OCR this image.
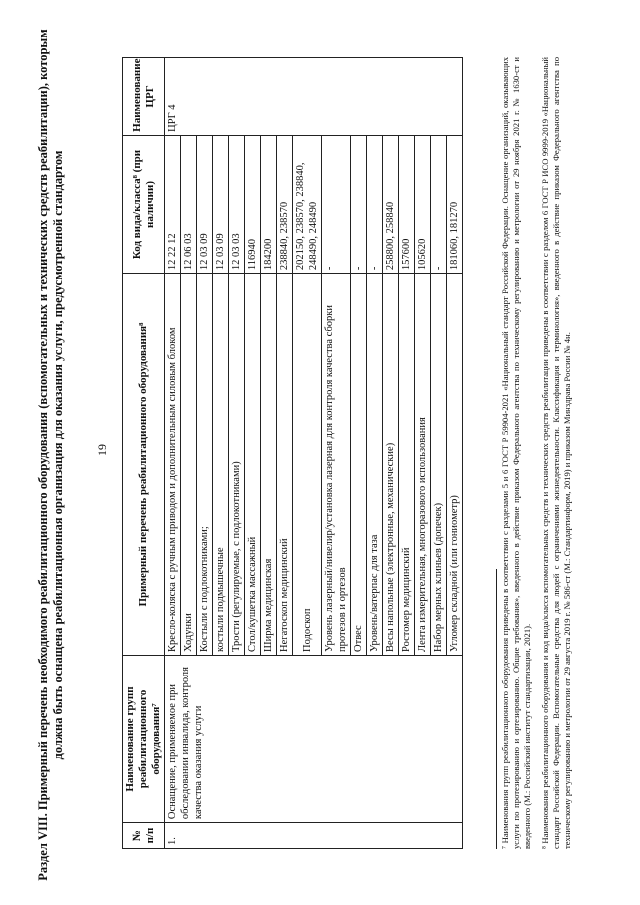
19
Раздел VIII. Примерный перечень необходимого реабилитационного оборудования (вспомогательных и технических средств реабилитации), которым должна быть оснащена реабилитационная организация для оказания услуги, предусмотренной стандартом
№ п/п	Наименование групп реабилитационного оборудования⁷	Примерный перечень реабилитационного оборудования⁸	Код вида/класса⁸ (при наличии)	Наименование ЦРГ
1.	Оснащение, применяемое при обследовании инвалида, контроля качества оказания услуги	Кресло-коляска с ручным приводом и дополнительным силовым блоком	12 22 12	ЦРГ 4
		Ходунки	12 06 03	
		Костыли с подлокотниками;	12 03 09	
		костыли подмышечные	12 03 09	
		Трости (регулируемые, с подлокотниками)	12 03 03	
		Стол/кушетка массажный	116940	
		Ширма медицинская	184200	
		Негатоскоп медицинский	238840, 238570	
		Подоскоп	202150, 238570, 238840, 248490, 248490	
		Уровень лазерный/нивелир/установка лазерная для контроля качества сборки протезов и ортезов	-	
		Отвес	-	
		Уровень/ватерпас для таза	-	
		Весы напольные (электронные, механические)	258800, 258840	
		Ростомер медицинский	157600	
		Лента измерительная, многоразового использования	105620	
		Набор мерных клиньев (допечек)	-	
		Угломер складной (или гониометр)	181060, 181270		⁷ Наименования групп реабилитационного оборудования приведены в соответствии с разделами 5 и 6 ГОСТ Р 59904-2021 «Национальный стандарт Российской Федерации. Оснащение организаций, оказывающих услуги по протезированию и ортезированию. Общие требования», введенного в действие приказом Федерального агентства по техническому регулированию и метрологии от 29 ноября 2021 г. № 1630-ст и введенного (М.: Российский институт стандартизации, 2021). ⁸ Наименования реабилитационного оборудования и код вида/класса вспомогательных средств и технических средств реабилитации приведены в соответствии с разделом 6 ГОСТ Р ИСО 9999-2019 «Национальный стандарт Российской Федерации. Вспомогательные средства для людей с ограничениями жизнедеятельности. Классификация и терминология», введенного в действие приказом Федерального агентства по техническому регулированию и метрологии от 29 августа 2019 г. № 586-ст (М.: Стандартинформ, 2019) и приказом Минздрава России № 4н.
